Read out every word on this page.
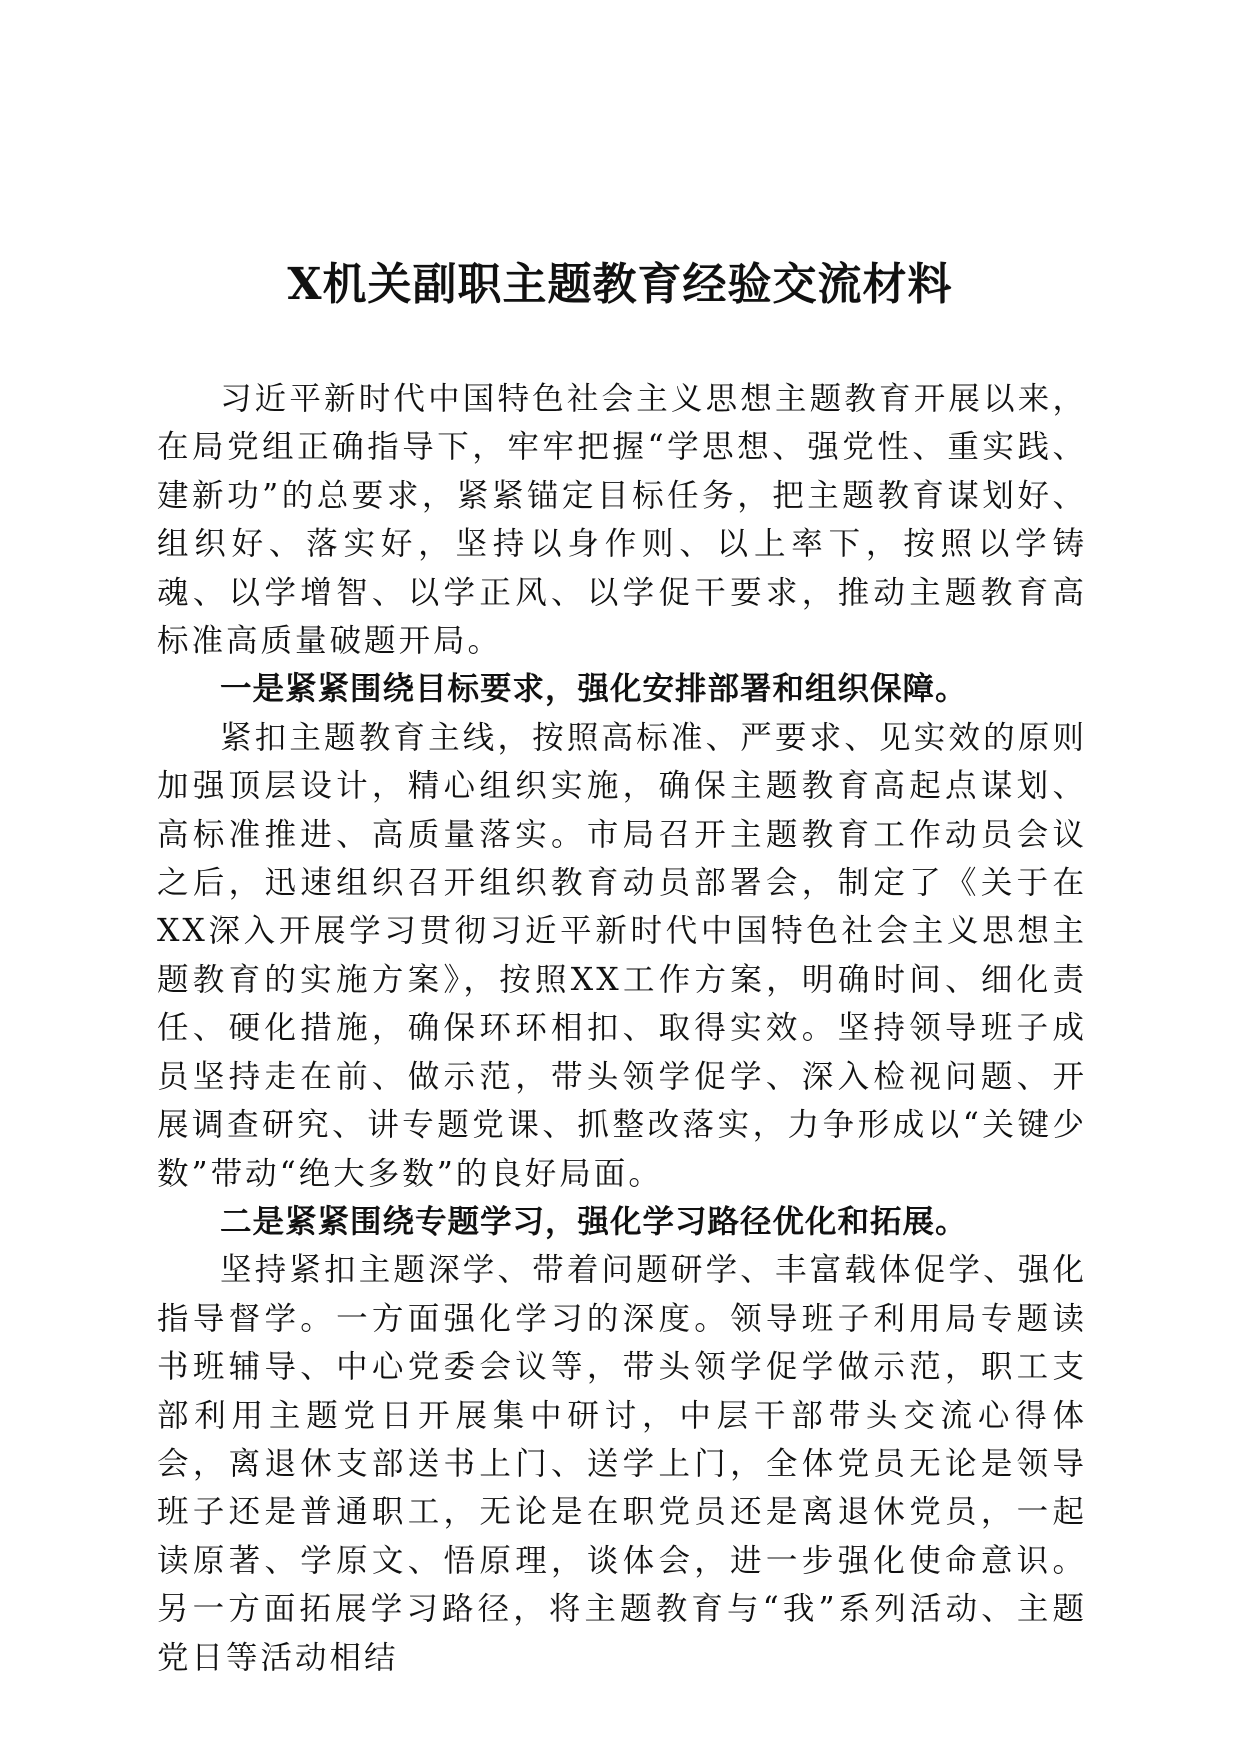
X机关副职主题教育经验交流材料

习近平新时代中国特色社会主义思想主题教育开展以来，在局党组正确指导下，牢牢把握“学思想、强党性、重实践、建新功”的总要求，紧紧锚定目标任务，把主题教育谋划好、组织好、落实好，坚持以身作则、以上率下，按照以学铸魂、以学增智、以学正风、以学促干要求，推动主题教育高标准高质量破题开局。

一是紧紧围绕目标要求，强化安排部署和组织保障。

紧扣主题教育主线，按照高标准、严要求、见实效的原则加强顶层设计，精心组织实施，确保主题教育高起点谋划、高标准推进、高质量落实。市局召开主题教育工作动员会议之后，迅速组织召开组织教育动员部署会，制定了《关于在XX深入开展学习贯彻习近平新时代中国特色社会主义思想主题教育的实施方案》，按照XX工作方案，明确时间、细化责任、硬化措施，确保环环相扣、取得实效。坚持领导班子成员坚持走在前、做示范，带头领学促学、深入检视问题、开展调查研究、讲专题党课、抓整改落实，力争形成以“关键少数”带动“绝大多数”的良好局面。

二是紧紧围绕专题学习，强化学习路径优化和拓展。

坚持紧扣主题深学、带着问题研学、丰富载体促学、强化指导督学。一方面强化学习的深度。领导班子利用局专题读书班辅导、中心党委会议等，带头领学促学做示范，职工支部利用主题党日开展集中研讨，中层干部带头交流心得体会，离退休支部送书上门、送学上门，全体党员无论是领导班子还是普通职工，无论是在职党员还是离退休党员，一起读原著、学原文、悟原理，谈体会，进一步强化使命意识。另一方面拓展学习路径，将主题教育与“我”系列活动、主题党日等活动相结
